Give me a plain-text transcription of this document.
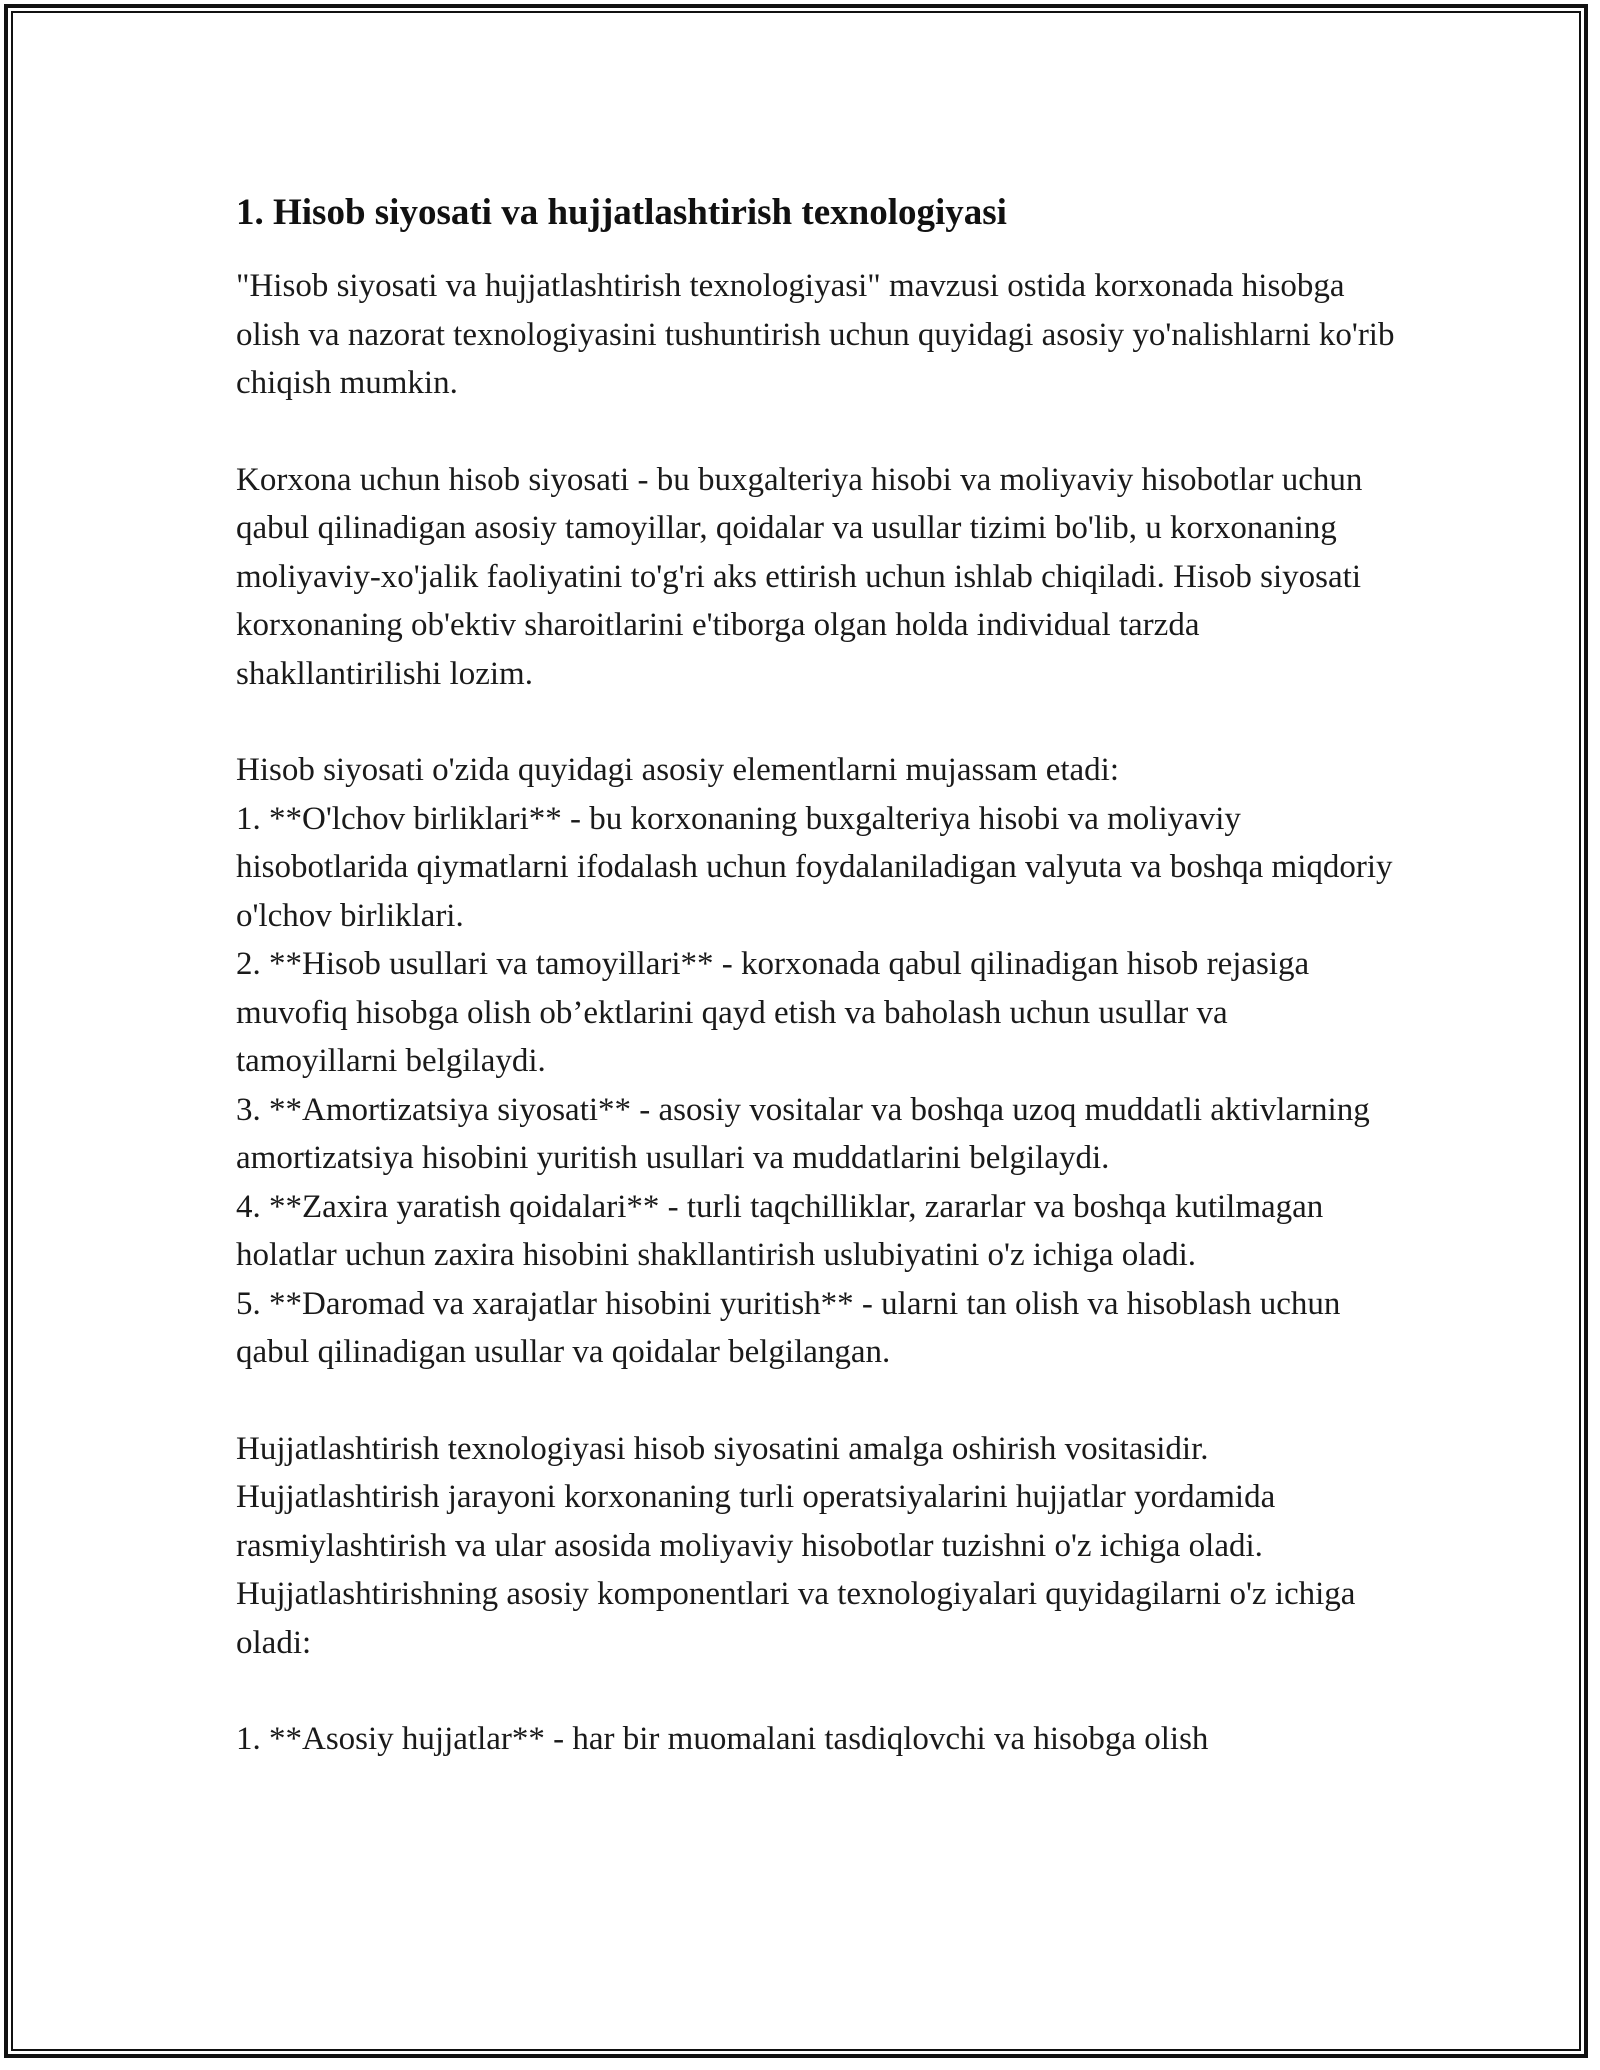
1. Hisob siyosati va hujjatlashtirish texnologiyasi

"Hisob siyosati va hujjatlashtirish texnologiyasi" mavzusi ostida korxonada hisobga olish va nazorat texnologiyasini tushuntirish uchun quyidagi asosiy yo'nalishlarni ko'rib chiqish mumkin.

Korxona uchun hisob siyosati - bu buxgalteriya hisobi va moliyaviy hisobotlar uchun qabul qilinadigan asosiy tamoyillar, qoidalar va usullar tizimi bo'lib, u korxonaning moliyaviy-xo'jalik faoliyatini to'g'ri aks ettirish uchun ishlab chiqiladi. Hisob siyosati korxonaning ob'ektiv sharoitlarini e'tiborga olgan holda individual tarzda shakllantirilishi lozim.

Hisob siyosati o'zida quyidagi asosiy elementlarni mujassam etadi:

1. **O'lchov birliklari** - bu korxonaning buxgalteriya hisobi va moliyaviy hisobotlarida qiymatlarni ifodalash uchun foydalaniladigan valyuta va boshqa miqdoriy o'lchov birliklari.

2. **Hisob usullari va tamoyillari** - korxonada qabul qilinadigan hisob rejasiga muvofiq hisobga olish ob’ektlarini qayd etish va baholash uchun usullar va tamoyillarni belgilaydi.

3. **Amortizatsiya siyosati** - asosiy vositalar va boshqa uzoq muddatli aktivlarning amortizatsiya hisobini yuritish usullari va muddatlarini belgilaydi.

4. **Zaxira yaratish qoidalari** - turli taqchilliklar, zararlar va boshqa kutilmagan holatlar uchun zaxira hisobini shakllantirish uslubiyatini o'z ichiga oladi.

5. **Daromad va xarajatlar hisobini yuritish** - ularni tan olish va hisoblash uchun qabul qilinadigan usullar va qoidalar belgilangan.

Hujjatlashtirish texnologiyasi hisob siyosatini amalga oshirish vositasidir. Hujjatlashtirish jarayoni korxonaning turli operatsiyalarini hujjatlar yordamida rasmiylashtirish va ular asosida moliyaviy hisobotlar tuzishni o'z ichiga oladi. Hujjatlashtirishning asosiy komponentlari va texnologiyalari quyidagilarni o'z ichiga oladi:

1. **Asosiy hujjatlar** - har bir muomalani tasdiqlovchi va hisobga olish
